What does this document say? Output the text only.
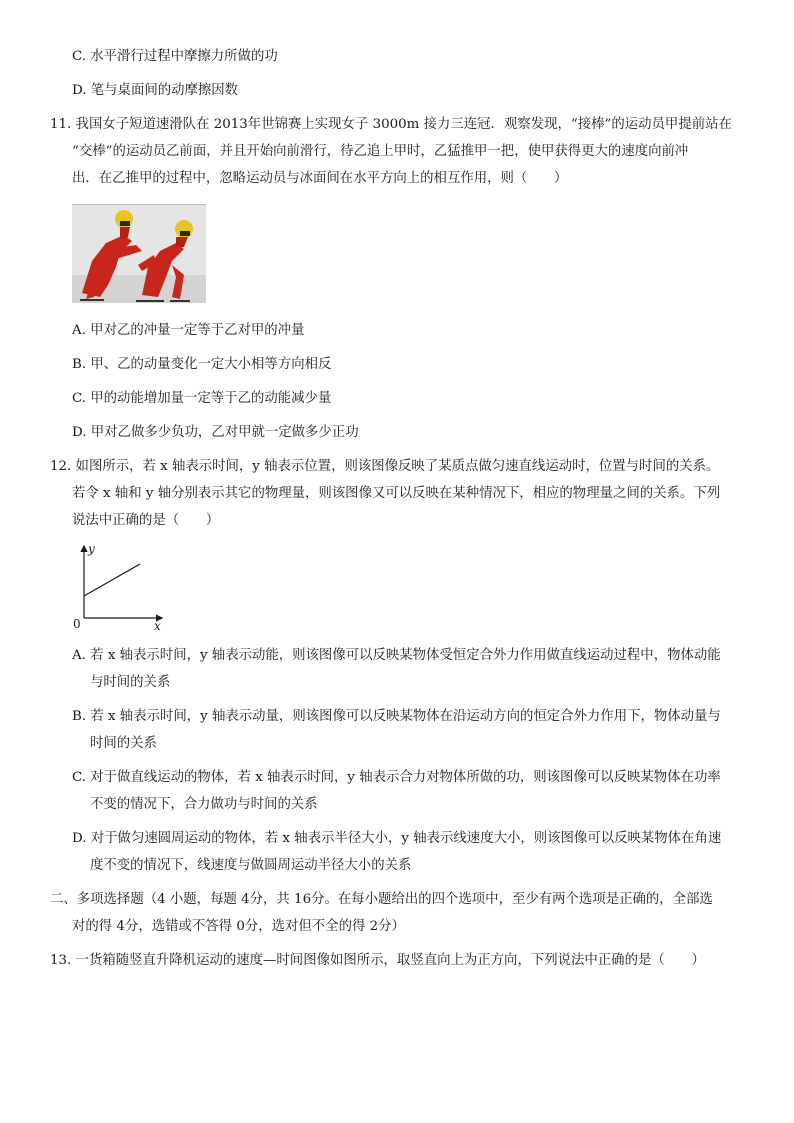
C. 水平滑行过程中摩擦力所做的功
D. 笔与桌面间的动摩擦因数
11. 我国女子短道速滑队在 2013年世锦赛上实现女子 3000m 接力三连冠．观察发现，“接棒”的运动员甲提前站在
“交棒”的运动员乙前面，并且开始向前滑行，待乙追上甲时，乙猛推甲一把，使甲获得更大的速度向前冲
出．在乙推甲的过程中，忽略运动员与冰面间在水平方向上的相互作用，则（　　）
A. 甲对乙的冲量一定等于乙对甲的冲量
B. 甲、乙的动量变化一定大小相等方向相反
C. 甲的动能增加量一定等于乙的动能减少量
D. 甲对乙做多少负功，乙对甲就一定做多少正功
12. 如图所示，若 x 轴表示时间，y 轴表示位置，则该图像反映了某质点做匀速直线运动时，位置与时间的关系。
若令 x 轴和 y 轴分别表示其它的物理量，则该图像又可以反映在某种情况下，相应的物理量之间的关系。下列
说法中正确的是（　　）
y
x
0
A. 若 x 轴表示时间，y 轴表示动能，则该图像可以反映某物体受恒定合外力作用做直线运动过程中，物体动能
与时间的关系
B. 若 x 轴表示时间，y 轴表示动量，则该图像可以反映某物体在沿运动方向的恒定合外力作用下，物体动量与
时间的关系
C. 对于做直线运动的物体，若 x 轴表示时间，y 轴表示合力对物体所做的功，则该图像可以反映某物体在功率
不变的情况下，合力做功与时间的关系
D. 对于做匀速圆周运动的物体，若 x 轴表示半径大小，y 轴表示线速度大小，则该图像可以反映某物体在角速
度不变的情况下，线速度与做圆周运动半径大小的关系
二、多项选择题（4 小题，每题 4分，共 16分。在每小题给出的四个选项中，至少有两个选项是正确的，全部选
对的得 4分，选错或不答得 0分，选对但不全的得 2分）
13. 一货箱随竖直升降机运动的速度—时间图像如图所示，取竖直向上为正方向，下列说法中正确的是（　　）
